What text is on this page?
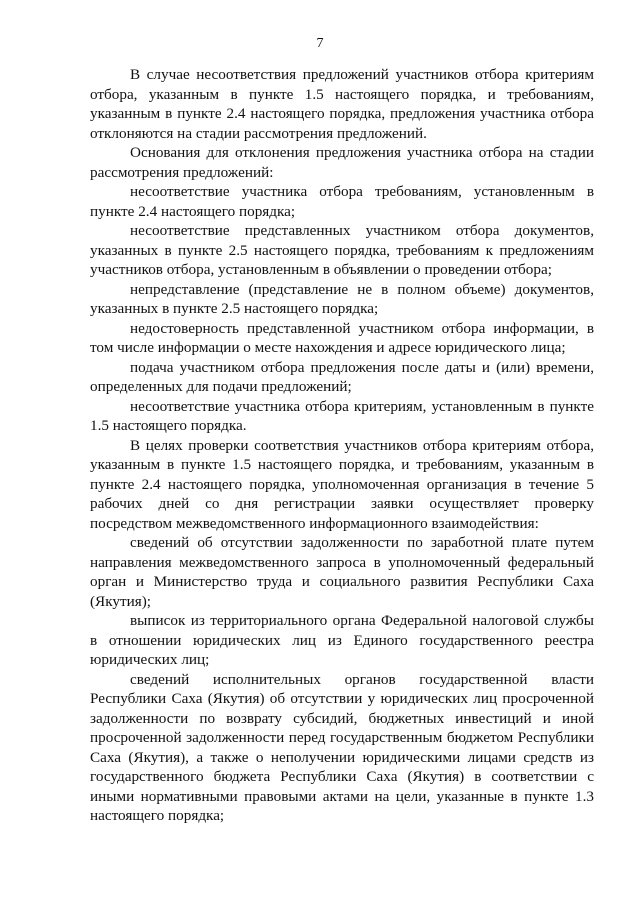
7

В случае несоответствия предложений участников отбора критериям отбора, указанным в пункте 1.5 настоящего порядка, и требованиям, указанным в пункте 2.4 настоящего порядка, предложения участника отбора отклоняются на стадии рассмотрения предложений.

Основания для отклонения предложения участника отбора на стадии рассмотрения предложений:

несоответствие участника отбора требованиям, установленным в пункте 2.4 настоящего порядка;

несоответствие представленных участником отбора документов, указанных в пункте 2.5 настоящего порядка, требованиям к предложениям участников отбора, установленным в объявлении о проведении отбора;

непредставление (представление не в полном объеме) документов, указанных в пункте 2.5 настоящего порядка;

недостоверность представленной участником отбора информации, в том числе информации о месте нахождения и адресе юридического лица;

подача участником отбора предложения после даты и (или) времени, определенных для подачи предложений;

несоответствие участника отбора критериям, установленным в пункте 1.5 настоящего порядка.

В целях проверки соответствия участников отбора критериям отбора, указанным в пункте 1.5 настоящего порядка, и требованиям, указанным в пункте 2.4 настоящего порядка, уполномоченная организация в течение 5 рабочих дней со дня регистрации заявки осуществляет проверку посредством межведомственного информационного взаимодействия:

сведений об отсутствии задолженности по заработной плате путем направления межведомственного запроса в уполномоченный федеральный орган и Министерство труда и социального развития Республики Саха (Якутия);

выписок из территориального органа Федеральной налоговой службы в отношении юридических лиц из Единого государственного реестра юридических лиц;

сведений исполнительных органов государственной власти Республики Саха (Якутия) об отсутствии у юридических лиц просроченной задолженности по возврату субсидий, бюджетных инвестиций и иной просроченной задолженности перед государственным бюджетом Республики Саха (Якутия), а также о неполучении юридическими лицами средств из государственного бюджета Республики Саха (Якутия) в соответствии с иными нормативными правовыми актами на цели, указанные в пункте 1.3 настоящего порядка;
